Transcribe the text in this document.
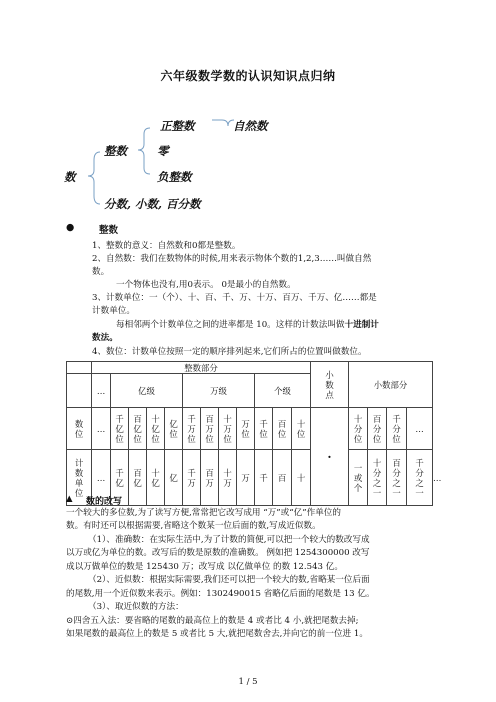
六年级数学数的认识知识点归纳
正整数	自然数
整数	零
数	负整数
分数, 小数, 百分数
●	整数
1、整数的意义：自然数和0都是整数。
2、自然数：我们在数物体的时候,用来表示物体个数的1,2,3……叫做自然
数。
一个物体也没有,用0表示。 0是最小的自然数。
3、计数单位：一（个）、十、百、千、万、十万、百万、千万、亿……都是
计数单位。
每相邻两个计数单位之间的进率都是 10。这样的计数法叫做十进制计
数法。
4、数位：计数单位按照一定的顺序排列起来,它们所占的位置叫做数位。
	整数部分												小数点	小数部分				
	…	亿级				万级				个级								
数位	…	千亿位	百亿位	十亿位	亿位	千万位	百万位	十万位	万位	千位	百位	十位	·	十分位	百分位	千分位	…	
计数单位	…	千亿	百亿	十亿	亿	千万	百万	十万	万	千	百	十		一或个	十分之一	百分之一	千分之一	…
▲ 数的改写
一个较大的多位数,为了读写方便,常常把它改写成用 “万”或“亿”作单位的
数。有时还可以根据需要,省略这个数某一位后面的数,写成近似数。
（1）、准确数：在实际生活中,为了计数的简便,可以把一个较大的数改写成
以万或亿为单位的数。改写后的数是原数的准确数。 例如把 1254300000 改写
成以万做单位的数是 125430 万；改写成 以亿做单位 的数 12.543 亿。
（2）、近似数：根据实际需要,我们还可以把一个较大的数,省略某一位后面
的尾数,用一个近似数来表示。例如：1302490015 省略亿后面的尾数是 13 亿。
（3）、取近似数的方法：
⊙四舍五入法：要省略的尾数的最高位上的数是 4 或者比 4 小,就把尾数去掉;
如果尾数的最高位上的数是 5 或者比 5 大,就把尾数舍去,并向它的前一位进 1。
1 / 5
